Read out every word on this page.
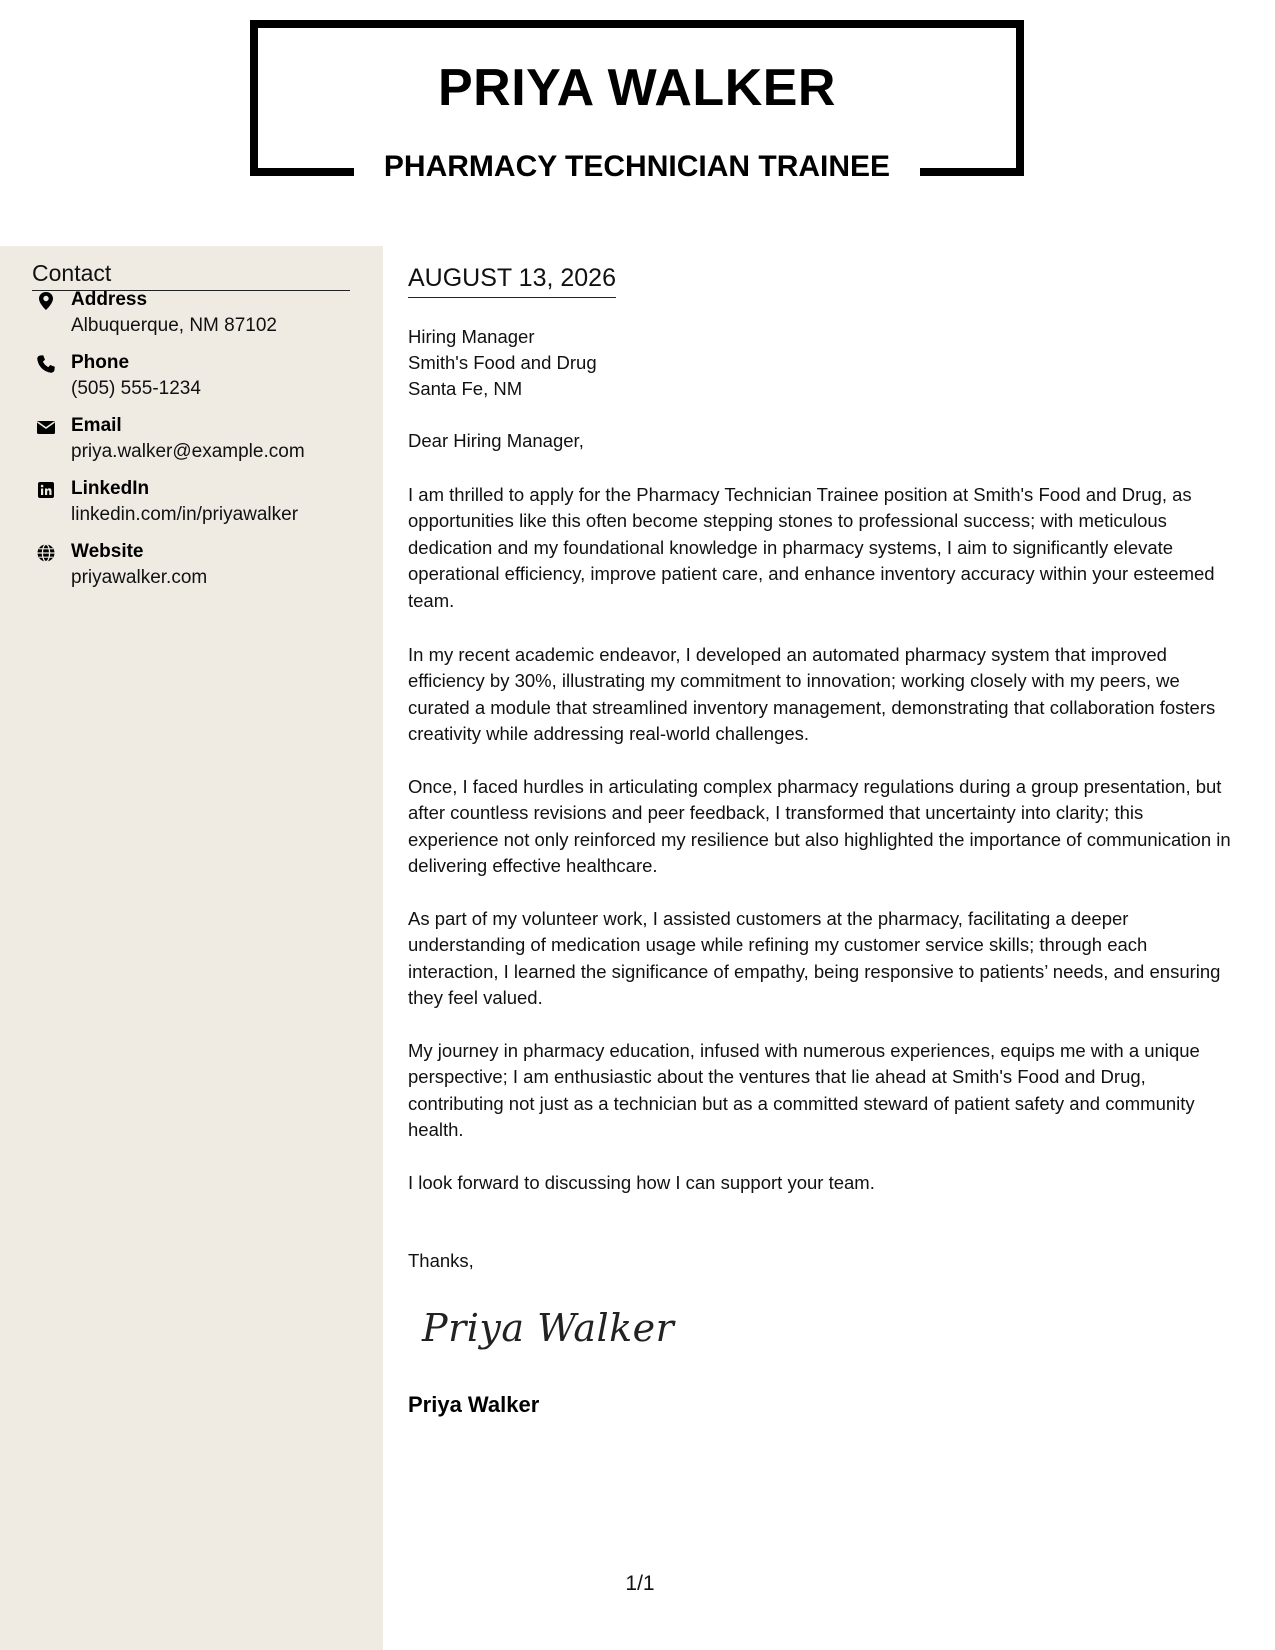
PRIYA WALKER
PHARMACY TECHNICIAN TRAINEE
Contact
Address
Albuquerque, NM 87102
Phone
(505) 555-1234
Email
priya.walker@example.com
LinkedIn
linkedin.com/in/priyawalker
Website
priyawalker.com
AUGUST 13, 2026
Hiring Manager
Smith's Food and Drug
Santa Fe, NM
Dear Hiring Manager,

I am thrilled to apply for the Pharmacy Technician Trainee position at Smith's Food and Drug, as opportunities like this often become stepping stones to professional success; with meticulous dedication and my foundational knowledge in pharmacy systems, I aim to significantly elevate operational efficiency, improve patient care, and enhance inventory accuracy within your esteemed team.

In my recent academic endeavor, I developed an automated pharmacy system that improved efficiency by 30%, illustrating my commitment to innovation; working closely with my peers, we curated a module that streamlined inventory management, demonstrating that collaboration fosters creativity while addressing real-world challenges.

Once, I faced hurdles in articulating complex pharmacy regulations during a group presentation, but after countless revisions and peer feedback, I transformed that uncertainty into clarity; this experience not only reinforced my resilience but also highlighted the importance of communication in delivering effective healthcare.

As part of my volunteer work, I assisted customers at the pharmacy, facilitating a deeper understanding of medication usage while refining my customer service skills; through each interaction, I learned the significance of empathy, being responsive to patients’ needs, and ensuring they feel valued.

My journey in pharmacy education, infused with numerous experiences, equips me with a unique perspective; I am enthusiastic about the ventures that lie ahead at Smith's Food and Drug, contributing not just as a technician but as a committed steward of patient safety and community health.

I look forward to discussing how I can support your team.

Thanks,
Priya Walker
Priya Walker
1/1
